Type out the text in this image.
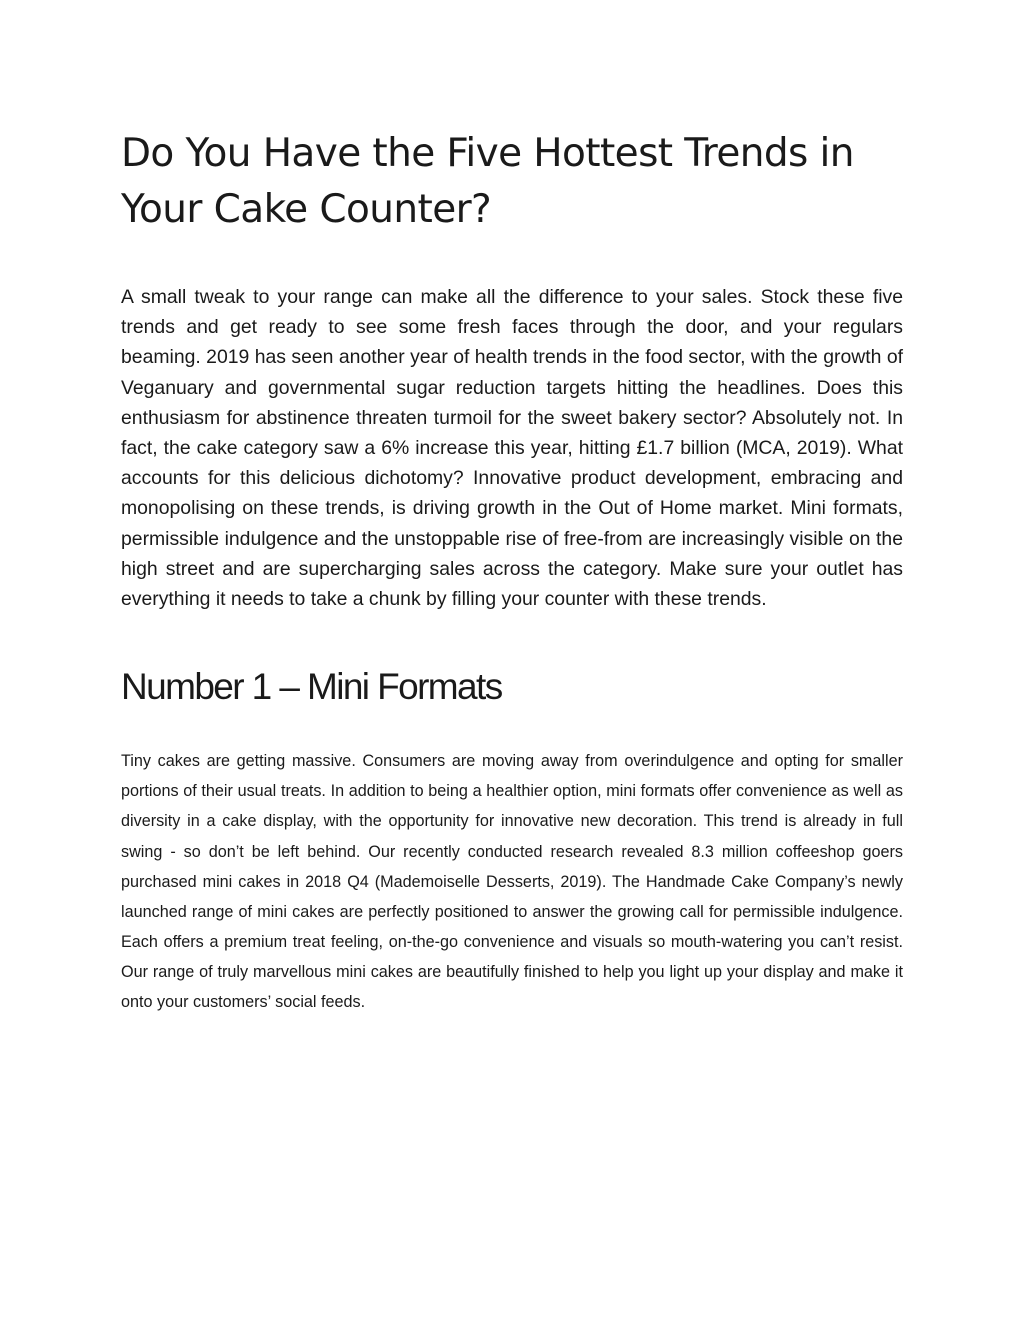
Do You Have the Five Hottest Trends in Your Cake Counter?

A small tweak to your range can make all the difference to your sales. Stock these five trends and get ready to see some fresh faces through the door, and your regulars beaming. 2019 has seen another year of health trends in the food sector, with the growth of Veganuary and governmental sugar reduction targets hitting the headlines. Does this enthusiasm for abstinence threaten turmoil for the sweet bakery sector? Absolutely not. In fact, the cake category saw a 6% increase this year, hitting £1.7 billion (MCA, 2019). What accounts for this delicious dichotomy? Innovative product development, embracing and monopolising on these trends, is driving growth in the Out of Home market. Mini formats, permissible indulgence and the unstoppable rise of free-from are increasingly visible on the high street and are supercharging sales across the category. Make sure your outlet has everything it needs to take a chunk by filling your counter with these trends.

Number 1 – Mini Formats

Tiny cakes are getting massive. Consumers are moving away from overindulgence and opting for smaller portions of their usual treats. In addition to being a healthier option, mini formats offer convenience as well as diversity in a cake display, with the opportunity for innovative new decoration. This trend is already in full swing - so don’t be left behind. Our recently conducted research revealed 8.3 million coffeeshop goers purchased mini cakes in 2018 Q4 (Mademoiselle Desserts, 2019). The Handmade Cake Company’s newly launched range of mini cakes are perfectly positioned to answer the growing call for permissible indulgence. Each offers a premium treat feeling, on-the-go convenience and visuals so mouth-watering you can’t resist. Our range of truly marvellous mini cakes are beautifully finished to help you light up your display and make it onto your customers’ social feeds.
